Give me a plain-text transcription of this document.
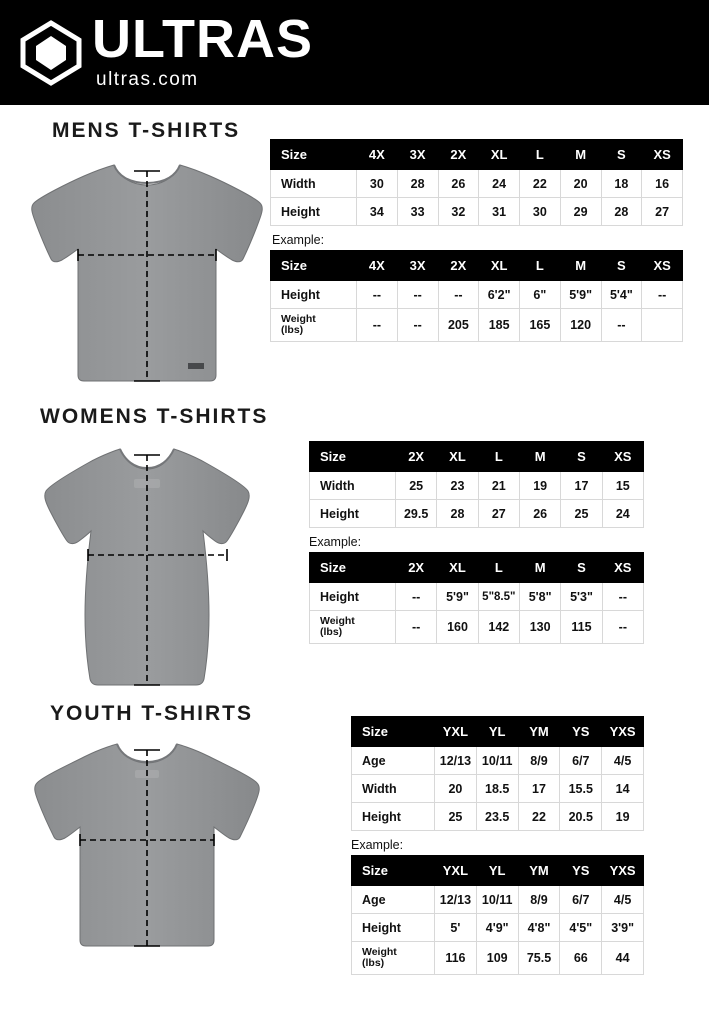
ULTRAS
ultras.com
MENS T-SHIRTS
Size	4X	3X	2X	XL	L	M	S	XS
Width	30	28	26	24	22	20	18	16
Height	34	33	32	31	30	29	28	27
Example:
Size	4X	3X	2X	XL	L	M	S	XS
Height	--	--	--	6'2"	6"	5'9"	5'4"	--

Weight
(lbs)	--	--	205	185	165	120	--	
WOMENS T-SHIRTS
Size	2X	XL	L	M	S	XS
Width	25	23	21	19	17	15
Height	29.5	28	27	26	25	24
Example:
Size	2X	XL	L	M	S	XS
Height	--	5'9"	5"8.5"	5'8"	5'3"	--

Weight
(lbs)	--	160	142	130	115	--
YOUTH T-SHIRTS
Size	YXL	YL	YM	YS	YXS
Age	12/13	10/11	8/9	6/7	4/5
Width	20	18.5	17	15.5	14
Height	25	23.5	22	20.5	19
Example:
Size	YXL	YL	YM	YS	YXS
Age	12/13	10/11	8/9	6/7	4/5
Height	5'	4'9"	4'8"	4'5"	3'9"

Weight
(lbs)	116	109	75.5	66	44
